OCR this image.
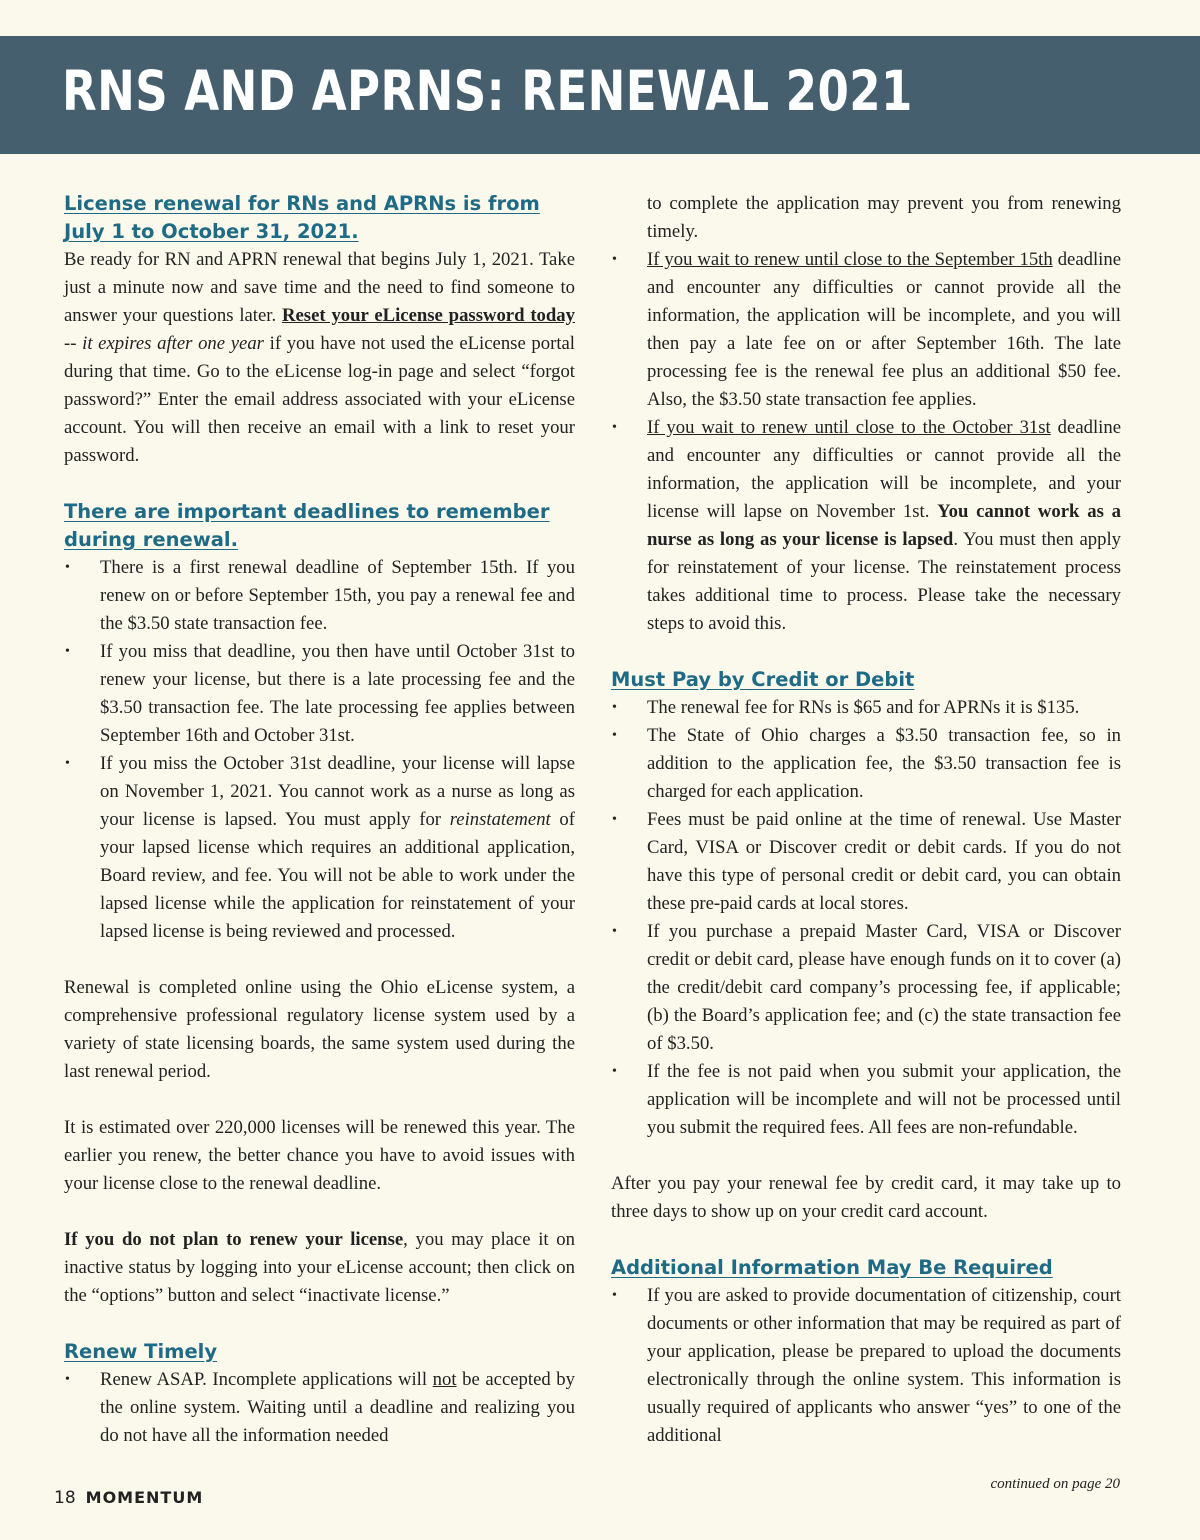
RNS AND APRNS: RENEWAL 2021
License renewal for RNs and APRNs is from July 1 to October 31, 2021.

Be ready for RN and APRN renewal that begins July 1, 2021. Take just a minute now and save time and the need to find someone to answer your questions later. Reset your eLicense password today -- it expires after one year if you have not used the eLicense portal during that time. Go to the eLicense log-in page and select “forgot password?” Enter the email address associated with your eLicense account. You will then receive an email with a link to reset your password.

There are important deadlines to remember during renewal.
• There is a first renewal deadline of September 15th. If you renew on or before September 15th, you pay a renewal fee and the $3.50 state transaction fee.
• If you miss that deadline, you then have until October 31st to renew your license, but there is a late processing fee and the $3.50 transaction fee. The late processing fee applies between September 16th and October 31st.
• If you miss the October 31st deadline, your license will lapse on November 1, 2021. You cannot work as a nurse as long as your license is lapsed. You must apply for reinstatement of your lapsed license which requires an additional application, Board review, and fee. You will not be able to work under the lapsed license while the application for reinstatement of your lapsed license is being reviewed and processed.

Renewal is completed online using the Ohio eLicense system, a comprehensive professional regulatory license system used by a variety of state licensing boards, the same system used during the last renewal period.

It is estimated over 220,000 licenses will be renewed this year. The earlier you renew, the better chance you have to avoid issues with your license close to the renewal deadline.

If you do not plan to renew your license, you may place it on inactive status by logging into your eLicense account; then click on the “options” button and select “inactivate license.”

Renew Timely
• Renew ASAP. Incomplete applications will not be accepted by the online system. Waiting until a deadline and realizing you do not have all the information needed
to complete the application may prevent you from renewing timely.
• If you wait to renew until close to the September 15th deadline and encounter any difficulties or cannot provide all the information, the application will be incomplete, and you will then pay a late fee on or after September 16th. The late processing fee is the renewal fee plus an additional $50 fee. Also, the $3.50 state transaction fee applies.
• If you wait to renew until close to the October 31st deadline and encounter any difficulties or cannot provide all the information, the application will be incomplete, and your license will lapse on November 1st. You cannot work as a nurse as long as your license is lapsed. You must then apply for reinstatement of your license. The reinstatement process takes additional time to process. Please take the necessary steps to avoid this.
Must Pay by Credit or Debit
• The renewal fee for RNs is $65 and for APRNs it is $135.
• The State of Ohio charges a $3.50 transaction fee, so in addition to the application fee, the $3.50 transaction fee is charged for each application.
• Fees must be paid online at the time of renewal. Use Master Card, VISA or Discover credit or debit cards. If you do not have this type of personal credit or debit card, you can obtain these pre-paid cards at local stores.
• If you purchase a prepaid Master Card, VISA or Discover credit or debit card, please have enough funds on it to cover (a) the credit/debit card company’s processing fee, if applicable; (b) the Board’s application fee; and (c) the state transaction fee of $3.50.
• If the fee is not paid when you submit your application, the application will be incomplete and will not be processed until you submit the required fees. All fees are non-refundable.

After you pay your renewal fee by credit card, it may take up to three days to show up on your credit card account.

Additional Information May Be Required
• If you are asked to provide documentation of citizenship, court documents or other information that may be required as part of your application, please be prepared to upload the documents electronically through the online system. This information is usually required of applicants who answer “yes” to one of the additional
continued on page 20
18 MOMENTUM
